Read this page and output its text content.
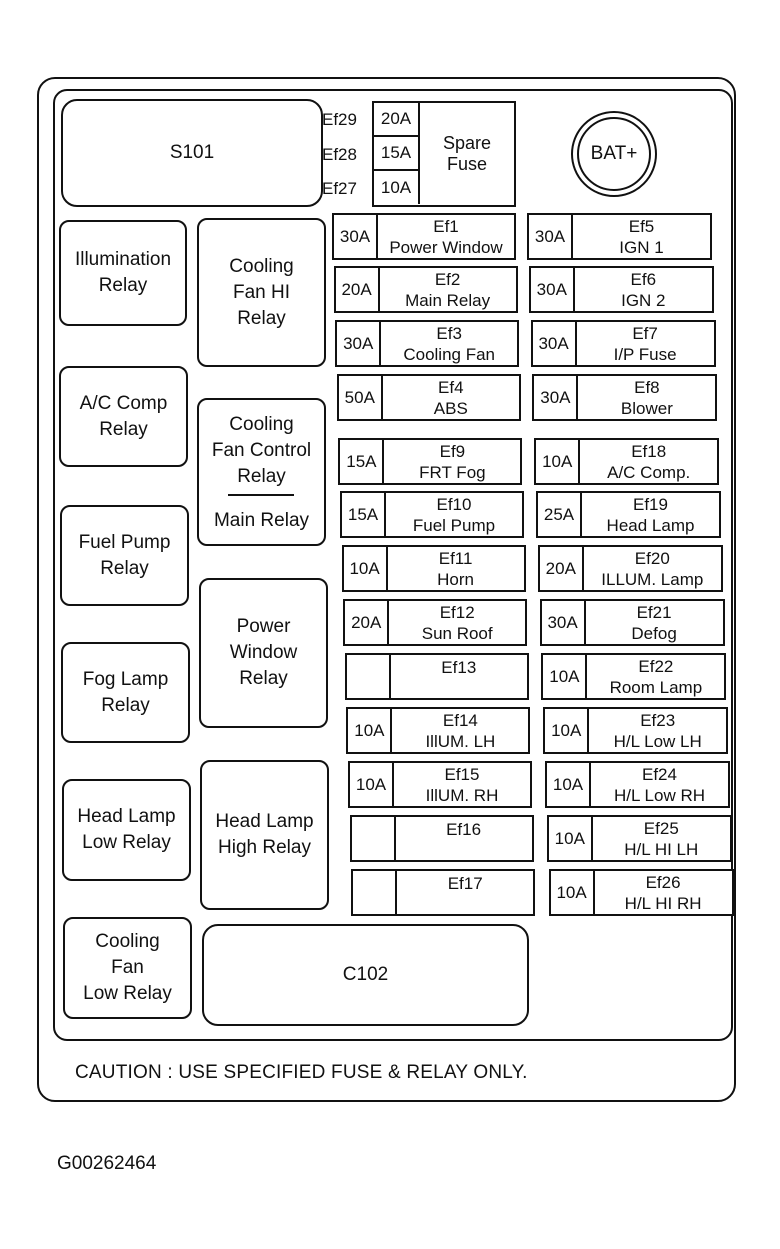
S101
Ef29
Ef28
Ef27
20A
15A
10A
Spare
Fuse	BAT+
Illumination
Relay
A/C Comp
Relay
Fuel Pump
Relay
Fog Lamp
Relay
Head Lamp
Low Relay
Cooling
Fan
Low Relay
Cooling
Fan HI
Relay
Cooling
Fan Control
Relay
Main Relay
Power
Window
Relay
Head Lamp
High Relay
C102
30A
Ef1
Power Window
20A
Ef2
Main Relay
30A
Ef3
Cooling Fan
50A
Ef4
ABS
15A
Ef9
FRT Fog
15A
Ef10
Fuel Pump
10A
Ef11
Horn
20A
Ef12
Sun Roof
Ef13
10A
Ef14
IllUM. LH
10A
Ef15
IllUM. RH
Ef16
Ef17
30A
Ef5
IGN 1
30A
Ef6
IGN 2
30A
Ef7
I/P Fuse
30A
Ef8
Blower
10A
Ef18
A/C Comp.
25A
Ef19
Head Lamp
20A
Ef20
ILLUM. Lamp
30A
Ef21
Defog
10A
Ef22
Room Lamp
10A
Ef23
H/L Low LH
10A
Ef24
H/L Low RH
10A
Ef25
H/L HI LH
10A
Ef26
H/L HI RH
CAUTION : USE SPECIFIED FUSE & RELAY ONLY.
G00262464
